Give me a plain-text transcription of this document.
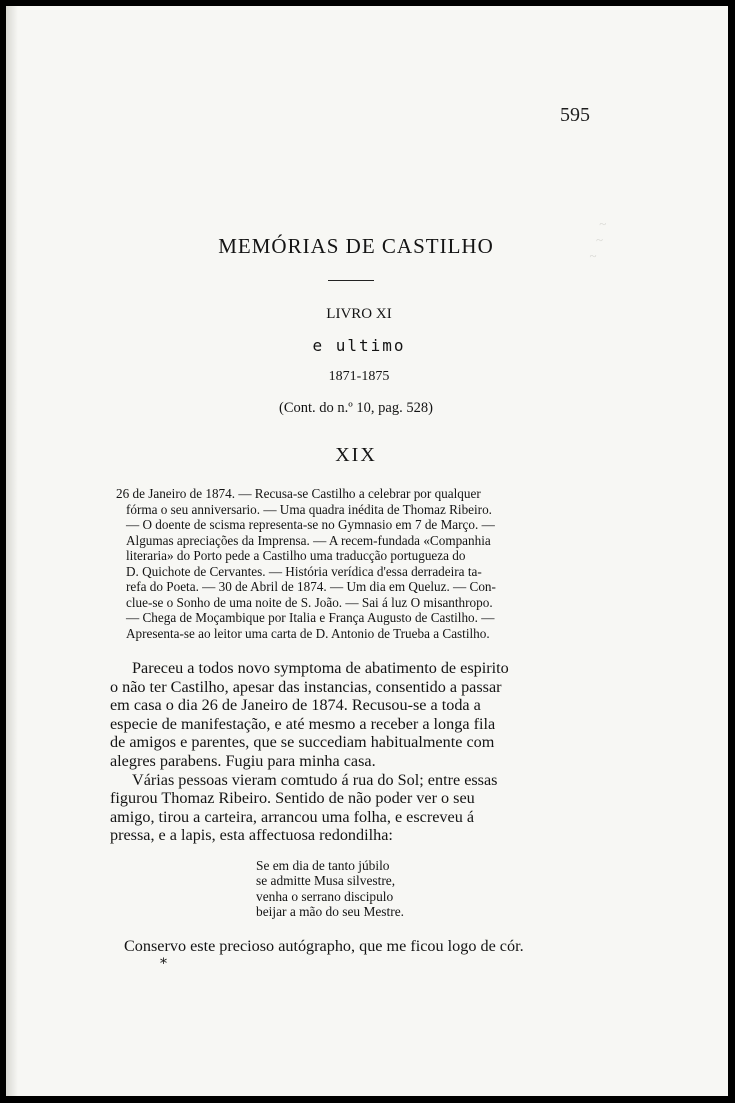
~
~
~
595
MEMÓRIAS DE CASTILHO
LIVRO XI
e ultimo
1871-1875
(Cont. do n.º 10, pag. 528)
XIX
26 de Janeiro de 1874. — Recusa-se Castilho a celebrar por qualquer
fórma o seu anniversario. — Uma quadra inédita de Thomaz Ribeiro.
— O doente de scisma representa-se no Gymnasio em 7 de Março. —
Algumas apreciações da Imprensa. — A recem-fundada «Companhia
literaria» do Porto pede a Castilho uma traducção portugueza do
D. Quichote de Cervantes. — História verídica d'essa derradeira ta-
refa do Poeta. — 30 de Abril de 1874. — Um dia em Queluz. — Con-
clue-se o Sonho de uma noite de S. João. — Sai á luz O misanthropo.
— Chega de Moçambique por Italia e França Augusto de Castilho. —
Apresenta-se ao leitor uma carta de D. Antonio de Trueba a Castilho.
Pareceu a todos novo symptoma de abatimento de espirito
o não ter Castilho, apesar das instancias, consentido a passar
em casa o dia 26 de Janeiro de 1874. Recusou-se a toda a
especie de manifestação, e até mesmo a receber a longa fila
de amigos e parentes, que se succediam habitualmente com
alegres parabens. Fugiu para minha casa.
Várias pessoas vieram comtudo á rua do Sol; entre essas
figurou Thomaz Ribeiro. Sentido de não poder ver o seu
amigo, tirou a carteira, arrancou uma folha, e escreveu á
pressa, e a lapis, esta affectuosa redondilha:
Se em dia de tanto júbilo
se admitte Musa silvestre,
venha o serrano discipulo
beijar a mão do seu Mestre.
Conservo este precioso autógrapho, que me ficou logo de cór.
*
